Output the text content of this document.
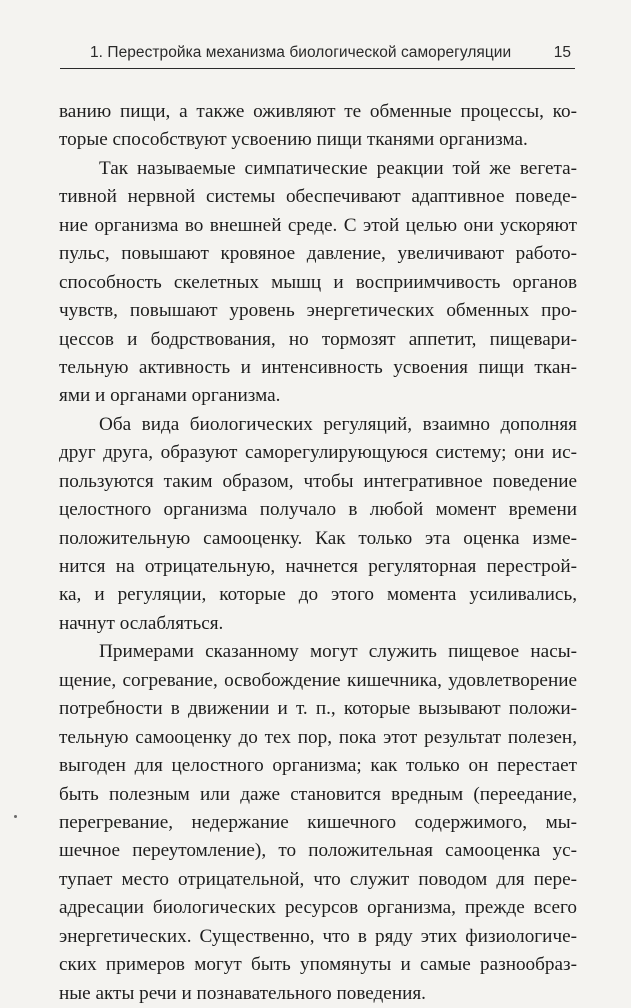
1. Перестройка механизма биологической саморегуляции	15
ванию пищи, а также оживляют те обменные процессы, ко-
торые способствуют усвоению пищи тканями организма.
Так называемые симпатические реакции той же вегета-
тивной нервной системы обеспечивают адаптивное поведе-
ние организма во внешней среде. С этой целью они ускоряют
пульс, повышают кровяное давление, увеличивают работо-
способность скелетных мышц и восприимчивость органов
чувств, повышают уровень энергетических обменных про-
цессов и бодрствования, но тормозят аппетит, пищевари-
тельную активность и интенсивность усвоения пищи ткан-
ями и органами организма.
Оба вида биологических регуляций, взаимно дополняя
друг друга, образуют саморегулирующуюся систему; они ис-
пользуются таким образом, чтобы интегративное поведение
целостного организма получало в любой момент времени
положительную самооценку. Как только эта оценка изме-
нится на отрицательную, начнется регуляторная перестрой-
ка, и регуляции, которые до этого момента усиливались,
начнут ослабляться.
Примерами сказанному могут служить пищевое насы-
щение, согревание, освобождение кишечника, удовлетворение
потребности в движении и т. п., которые вызывают положи-
тельную самооценку до тех пор, пока этот результат полезен,
выгоден для целостного организма; как только он перестает
быть полезным или даже становится вредным (переедание,
перегревание, недержание кишечного содержимого, мы-
шечное переутомление), то положительная самооценка ус-
тупает место отрицательной, что служит поводом для пере-
адресации биологических ресурсов организма, прежде всего
энергетических. Существенно, что в ряду этих физиологиче-
ских примеров могут быть упомянуты и самые разнообраз-
ные акты речи и познавательного поведения.
